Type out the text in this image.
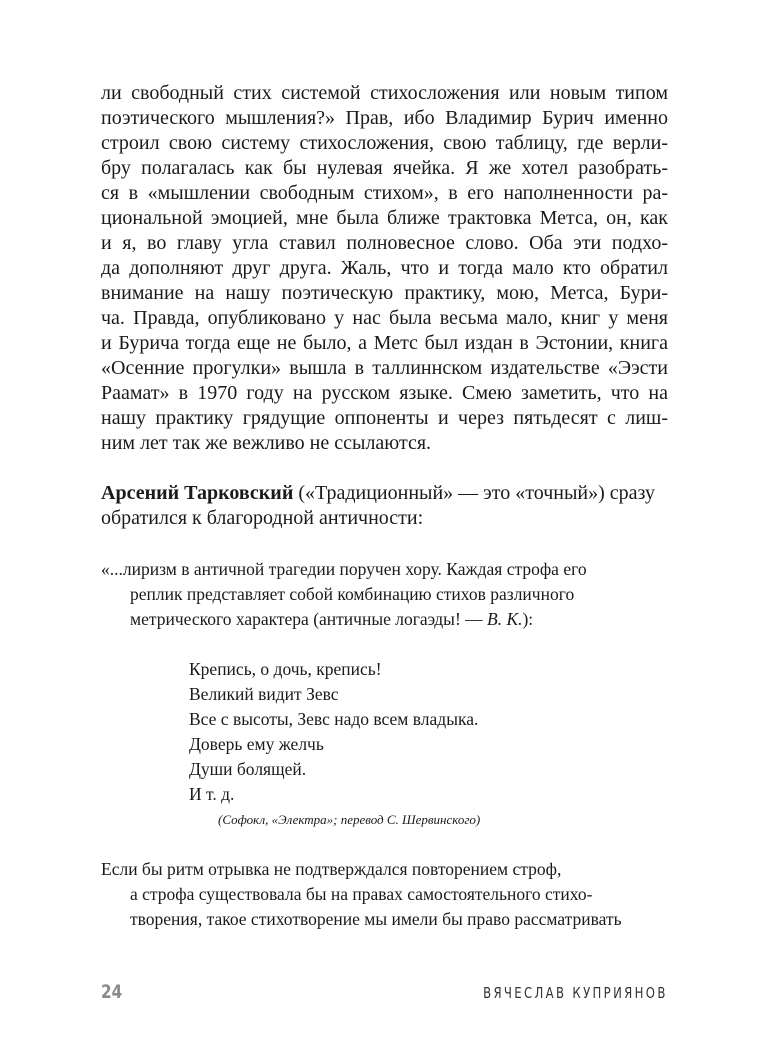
ли свободный стих системой стихосложения или новым типом
поэтического мышления?» Прав, ибо Владимир Бурич именно
строил свою систему стихосложения, свою таблицу, где верли-
бру полагалась как бы нулевая ячейка. Я же хотел разобрать-
ся в «мышлении свободным стихом», в его наполненности ра-
циональной эмоцией, мне была ближе трактовка Метса, он, как
и я, во главу угла ставил полновесное слово. Оба эти подхо-
да дополняют друг друга. Жаль, что и тогда мало кто обратил
внимание на нашу поэтическую практику, мою, Метса, Бури-
ча. Правда, опубликовано у нас была весьма мало, книг у меня
и Бурича тогда еще не было, а Метс был издан в Эстонии, книга
«Осенние прогулки» вышла в таллиннском издательстве «Ээсти
Раамат» в 1970 году на русском языке. Смею заметить, что на
нашу практику грядущие оппоненты и через пятьдесят с лиш-
ним лет так же вежливо не ссылаются.
Арсений Тарковский («Традиционный» — это «точный») сразу
обратился к благородной античности:
«...лиризм в античной трагедии поручен хору. Каждая строфа его
реплик представляет собой комбинацию стихов различного
метрического характера (античные логаэды! — В. К.):
Крепись, о дочь, крепись!
Великий видит Зевс
Все с высоты, Зевс надо всем владыка.
Доверь ему желчь
Души болящей.
И т. д.
(Софокл, «Электра»; перевод С. Шервинского)
Если бы ритм отрывка не подтверждался повторением строф,
а строфа существовала бы на правах самостоятельного стихо-
творения, такое стихотворение мы имели бы право рассматривать
24	ВЯЧЕСЛАВ КУПРИЯНОВ
